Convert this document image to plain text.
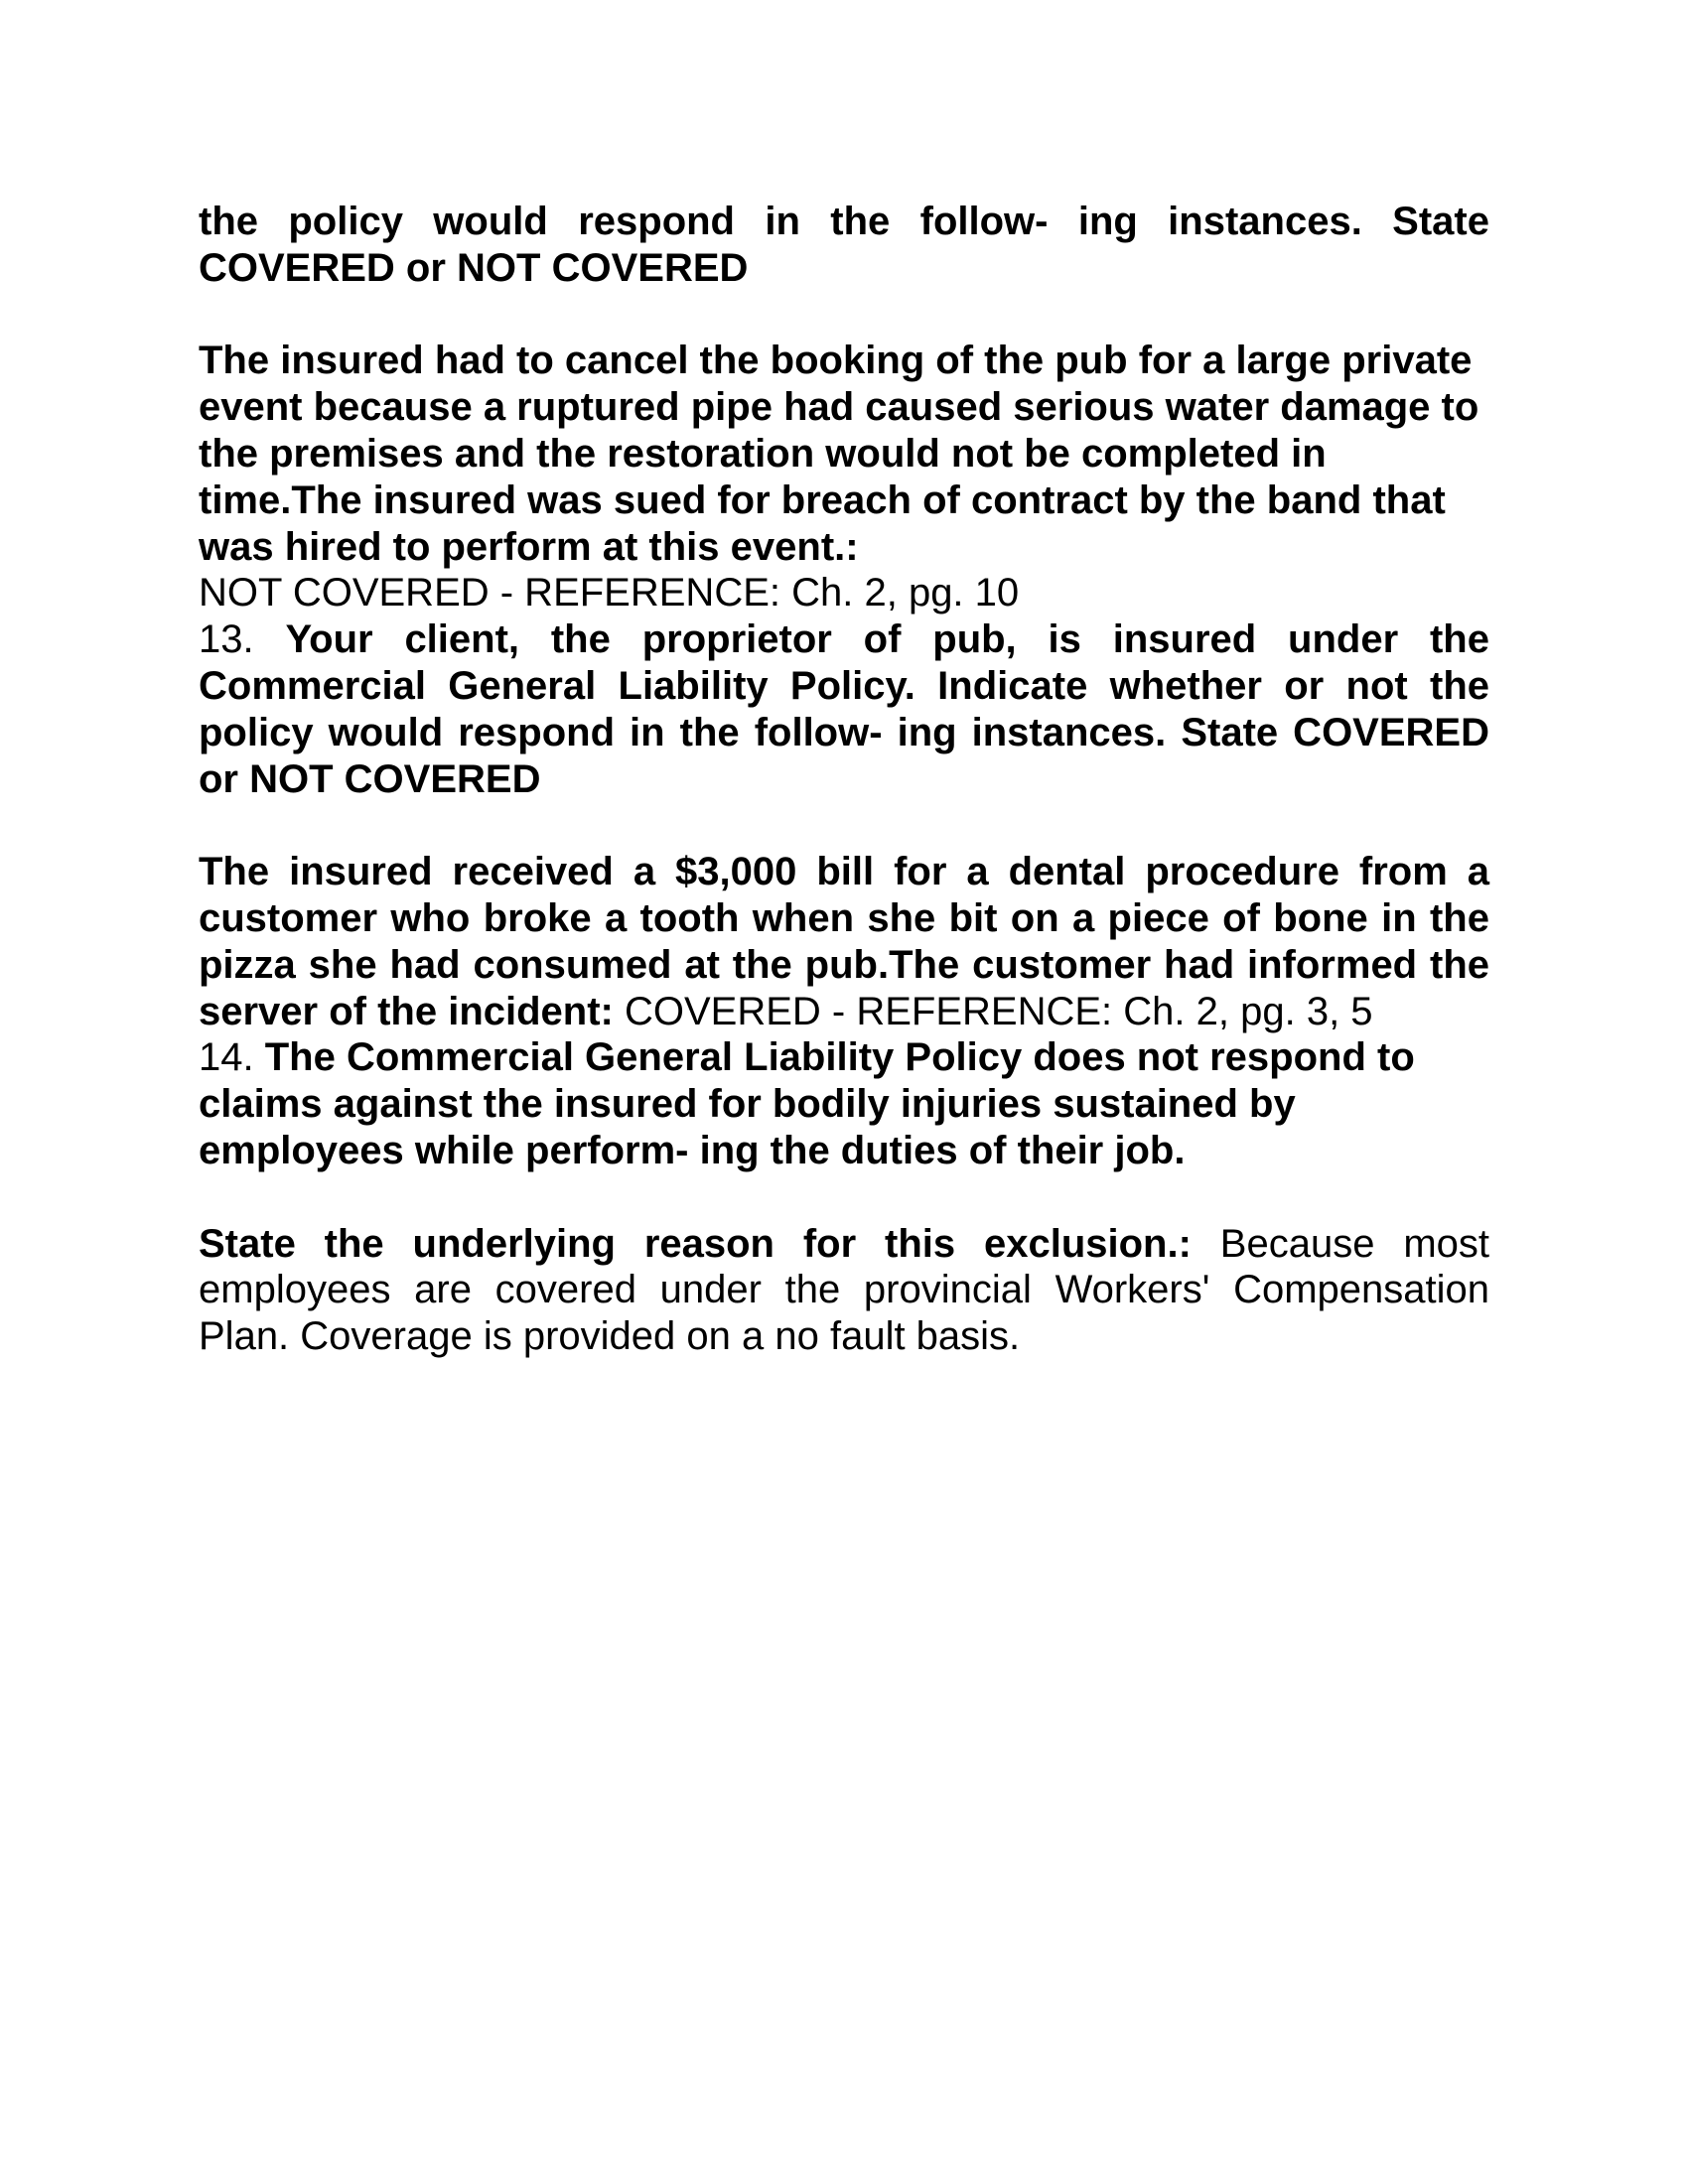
the policy would respond in the follow- ing instances. State COVERED or NOT COVERED

The insured had to cancel the booking of the pub for a large private event because a ruptured pipe had caused serious water damage to the premises and the restoration would not be completed in time.The insured was sued for breach of contract by the band that was hired to perform at this event.:
NOT COVERED - REFERENCE: Ch. 2, pg. 10

13. Your client, the proprietor of pub, is insured under the Commercial General Liability Policy. Indicate whether or not the policy would respond in the follow- ing instances. State COVERED or NOT COVERED

The insured received a $3,000 bill for a dental procedure from a customer who broke a tooth when she bit on a piece of bone in the pizza she had consumed at the pub.The customer had informed the server of the incident: COVERED - REFERENCE: Ch. 2, pg. 3, 5

14. The Commercial General Liability Policy does not respond to claims against the insured for bodily injuries sustained by employees while perform- ing the duties of their job.

State the underlying reason for this exclusion.: Because most employees are covered under the provincial Workers' Compensation Plan. Coverage is provided on a no fault basis.
